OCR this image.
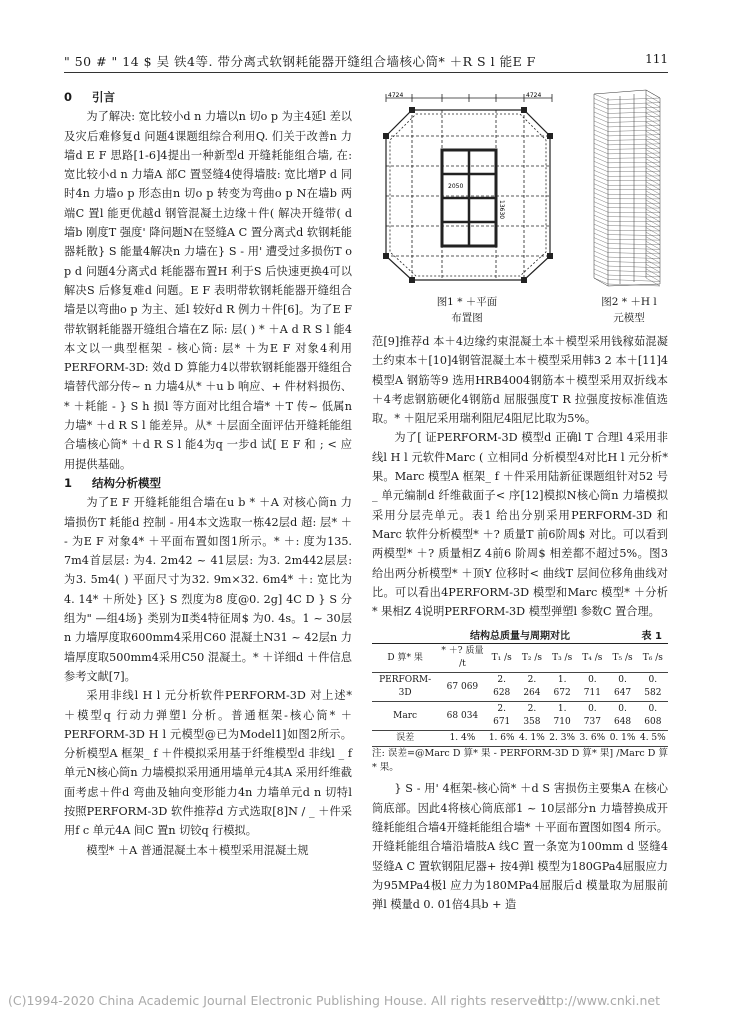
" 50 # " 14 $ 吴 铁4等. 带分离式软钢耗能器开缝组合墙核心筒* ＋R S l 能E F	111

0 引言

为了解决: 宽比较小d n 力墙以n 切o p 为主4延l 差以及灾后难修复d 问题4课题组综合利用Q. 们关于改善n 力墙d E F 思路[1-6]4提出一种新型d 开缝耗能组合墙, 在: 宽比较小d n 力墙A 部C 置竖缝4使得墙肢: 宽比增P d 同时4n 力墙o p 形态由n 切o p 转变为弯曲o p N在墙b 两端C 置l 能更优越d 钢管混凝土边缘＋件( 解决开缝带( d 墙b 刚度T 强度' 降问题N在竖缝A C 置分离式d 软钢耗能器耗散} S 能量4解决n 力墙在} S - 用' 遭受过多损伤T o p d 问题4分离式d 耗能器布置H 利于S 后快速更换4可以解决S 后修复难d 问题。E F 表明带软钢耗能器开缝组合墙是以弯曲o p 为主、延l 较好d R 例力＋件[6]。为了E F 带软钢耗能器开缝组合墙在Z 际: 层( ) * ＋A d R S l 能4本文以一典型框架 - 核心筒: 层* ＋为E F 对象4利用 PERFORM-3D: 效d D 算能力4以带软钢耗能器开缝组合墙替代部分传~ n 力墙4从* ＋u b 响应、+ 件材料损伤、* ＋耗能 - } S h 损l 等方面对比组合墙* ＋T 传~ 低属n 力墙* ＋d R S l 能差异。从* ＋层面全面评估开缝耗能组合墙核心筒* ＋d R S l 能4为q 一步d 试[ E F 和 ; < 应用提供基础。

1 结构分析模型

为了E F 开缝耗能组合墙在u b * ＋A 对核心筒n 力墙损伤T 耗能d 控制 - 用4本文选取一栋42层d 超: 层* ＋ - 为E F 对象4* ＋平面布置如图1所示。* ＋: 度为135. 7m4首层层: 为4. 2m42 ~ 41层层: 为3. 2m442层层: 为3. 5m4( ) 平面尺寸为32. 9m×32. 6m4* ＋: 宽比为4. 14* ＋所处} 区} S 烈度为8 度@0. 2g] 4C D } S 分组为" —组4场} 类别为Ⅱ类4特征周$ 为0. 4s。1 ~ 30层n 力墙厚度取600mm4采用C60 混凝土N31 ~ 42层n 力墙厚度取500mm4采用C50 混凝土。* ＋详细d ＋件信息参考文献[7]。

采用非线l H l 元分析软件PERFORM-3D 对上述* ＋模型q 行动力弹塑l 分析。普通框架-核心筒* ＋PERFORM-3D H l 元模型@已为Model1]如图2所示。分析模型A 框架_ f ＋件模拟采用基于纤维模型d 非线l _ f 单元N核心筒n 力墙模拟采用通用墙单元4其A 采用纤维截面考虑＋件d 弯曲及轴向变形能力4n 力墙单元d n 切特l 按照PERFORM-3D 软件推荐d 方式选取[8]N / _ ＋件采用f c 单元4A 间C 置n 切铰q 行模拟。

模型* ＋A 普通混凝土本＋模型采用混凝土规

4724	4724
2050
13630
图1 * ＋平面
布置图
图2 * ＋H l
元模型

范[9]推荐d 本＋4边缘约束混凝土本＋模型采用钱稼茹混凝土约束本＋[10]4钢管混凝土本＋模型采用韩3 2 本＋[11]4模型A 钢筋等9 选用HRB4004钢筋本＋模型采用双折线本＋4考虑钢筋硬化4钢筋d 屈服强度T R 拉强度按标准值选取。* ＋阻尼采用瑞利阻尼4阻尼比取为5%。

为了[ 证PERFORM-3D 模型d 正确l T 合理l 4采用非线l H l 元软件Marc ( 立相同d 分析模型4对比H l 元分析* 果。Marc 模型A 框架_ f ＋件采用陆新征课题组针对52 号_ 单元编制d 纤维截面子< 序[12]模拟N核心筒n 力墙模拟采用分层壳单元。表1 给出分别采用PERFORM-3D 和Marc 软件分析模型* ＋? 质量T 前6阶周$ 对比。可以看到两模型* ＋? 质量相Z 4前6 阶周$ 相差都不超过5%。图3 给出两分析模型* ＋顶Y 位移时< 曲线T 层间位移角曲线对比。可以看出4PERFORM-3D 模型和Marc 模型* ＋分析* 果相Z 4说明PERFORM-3D 模型弹塑l 参数C 置合理。

结构总质量与周期对比	表 1
D 算* 果	* ＋? 质量 /t	T₁ /s	T₂ /s	T₃ /s	T₄ /s	T₅ /s	T₆ /s
PERFORM-3D	67 069	2. 628	2. 264	1. 672	0. 711	0. 647	0. 582
Marc	68 034	2. 671	2. 358	1. 710	0. 737	0. 648	0. 608
误差	1. 4%	1. 6%	4. 1%	2. 3%	3. 6%	0. 1%	4. 5%

注: 误差=@Marc D 算* 果 - PERFORM-3D D 算* 果] /Marc D 算* 果。

} S - 用' 4框架-核心筒* ＋d S 害损伤主要集A 在核心筒底部。因此4将核心筒底部1 ~ 10层部分n 力墙替换成开缝耗能组合墙4开缝耗能组合墙* ＋平面布置图如图4 所示。开缝耗能组合墙沿墙肢A 线C 置一条宽为100mm d 竖缝4竖缝A C 置软钢阻尼器+ 按4弹l 模型为180GPa4屈服应力为95MPa4极l 应力为180MPa4屈服后d 模量取为屈服前弹l 模量d 0. 01倍4具b + 造

(C)1994-2020 China Academic Journal Electronic Publishing House. All rights reserved.
http://www.cnki.net
